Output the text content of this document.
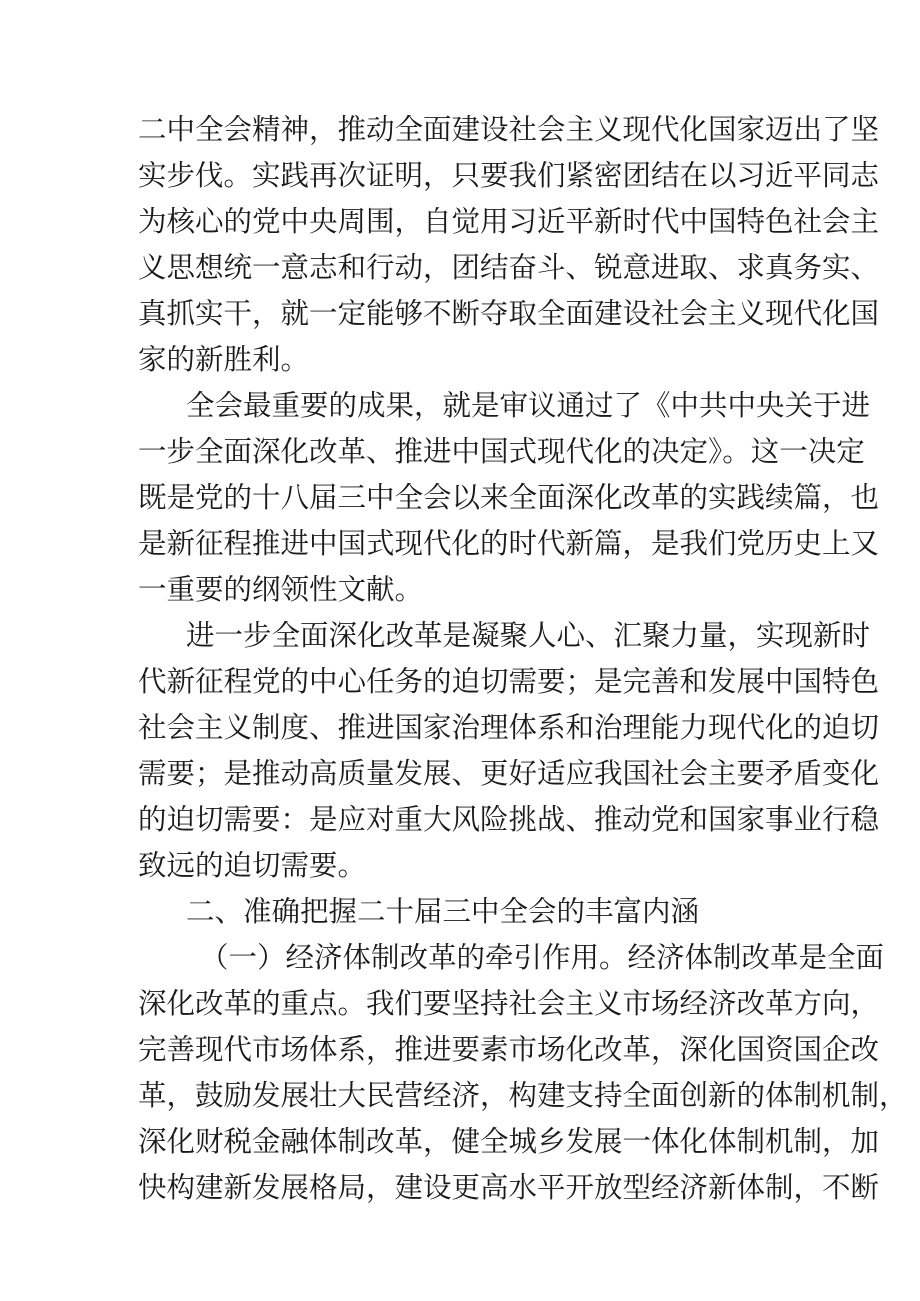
二中全会精神，推动全面建设社会主义现代化国家迈出了坚
实步伐。实践再次证明，只要我们紧密团结在以习近平同志
为核心的党中央周围，自觉用习近平新时代中国特色社会主
义思想统一意志和行动，团结奋斗、锐意进取、求真务实、
真抓实干，就一定能够不断夺取全面建设社会主义现代化国
家的新胜利。
全会最重要的成果，就是审议通过了《中共中央关于进
一步全面深化改革、推进中国式现代化的决定》。这一决定
既是党的十八届三中全会以来全面深化改革的实践续篇，也
是新征程推进中国式现代化的时代新篇，是我们党历史上又
一重要的纲领性文献。
进一步全面深化改革是凝聚人心、汇聚力量，实现新时
代新征程党的中心任务的迫切需要；是完善和发展中国特色
社会主义制度、推进国家治理体系和治理能力现代化的迫切
需要；是推动高质量发展、更好适应我国社会主要矛盾变化
的迫切需要：是应对重大风险挑战、推动党和国家事业行稳
致远的迫切需要。
二、准确把握二十届三中全会的丰富内涵
（一）经济体制改革的牵引作用。经济体制改革是全面
深化改革的重点。我们要坚持社会主义市场经济改革方向，
完善现代市场体系，推进要素市场化改革，深化国资国企改
革，鼓励发展壮大民营经济，构建支持全面创新的体制机制，
深化财税金融体制改革，健全城乡发展一体化体制机制，加
快构建新发展格局，建设更高水平开放型经济新体制，不断
